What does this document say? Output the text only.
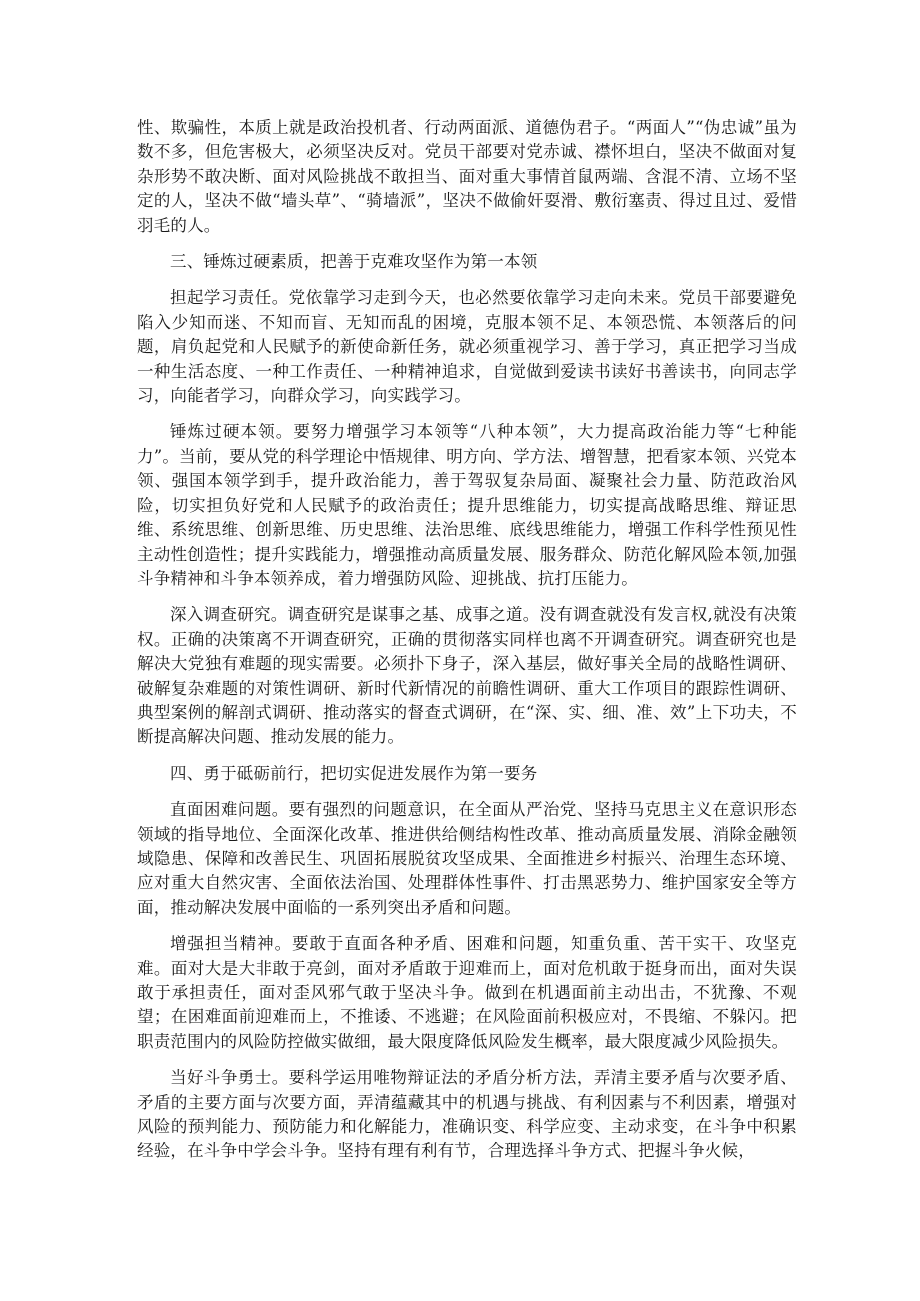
性、欺骗性，本质上就是政治投机者、行动两面派、道德伪君子。“两面人”“伪忠诚”虽为数不多，但危害极大，必须坚决反对。党员干部要对党赤诚、襟怀坦白，坚决不做面对复杂形势不敢决断、面对风险挑战不敢担当、面对重大事情首鼠两端、含混不清、立场不坚定的人，坚决不做“墙头草”、“骑墙派”，坚决不做偷奸耍滑、敷衍塞责、得过且过、爱惜羽毛的人。

三、锤炼过硬素质，把善于克难攻坚作为第一本领

担起学习责任。党依靠学习走到今天，也必然要依靠学习走向未来。党员干部要避免陷入少知而迷、不知而盲、无知而乱的困境，克服本领不足、本领恐慌、本领落后的问题，肩负起党和人民赋予的新使命新任务，就必须重视学习、善于学习，真正把学习当成一种生活态度、一种工作责任、一种精神追求，自觉做到爱读书读好书善读书，向同志学习，向能者学习，向群众学习，向实践学习。

锤炼过硬本领。要努力增强学习本领等“八种本领”，大力提高政治能力等“七种能力”。当前，要从党的科学理论中悟规律、明方向、学方法、增智慧，把看家本领、兴党本领、强国本领学到手，提升政治能力，善于驾驭复杂局面、凝聚社会力量、防范政治风险，切实担负好党和人民赋予的政治责任；提升思维能力，切实提高战略思维、辩证思维、系统思维、创新思维、历史思维、法治思维、底线思维能力，增强工作科学性预见性主动性创造性；提升实践能力，增强推动高质量发展、服务群众、防范化解风险本领,加强斗争精神和斗争本领养成，着力增强防风险、迎挑战、抗打压能力。

深入调查研究。调查研究是谋事之基、成事之道。没有调查就没有发言权,就没有决策权。正确的决策离不开调查研究，正确的贯彻落实同样也离不开调查研究。调查研究也是解决大党独有难题的现实需要。必须扑下身子，深入基层，做好事关全局的战略性调研、破解复杂难题的对策性调研、新时代新情况的前瞻性调研、重大工作项目的跟踪性调研、典型案例的解剖式调研、推动落实的督查式调研，在“深、实、细、准、效”上下功夫，不断提高解决问题、推动发展的能力。

四、勇于砥砺前行，把切实促进发展作为第一要务

直面困难问题。要有强烈的问题意识，在全面从严治党、坚持马克思主义在意识形态领域的指导地位、全面深化改革、推进供给侧结构性改革、推动高质量发展、消除金融领域隐患、保障和改善民生、巩固拓展脱贫攻坚成果、全面推进乡村振兴、治理生态环境、应对重大自然灾害、全面依法治国、处理群体性事件、打击黑恶势力、维护国家安全等方面，推动解决发展中面临的一系列突出矛盾和问题。

增强担当精神。要敢于直面各种矛盾、困难和问题，知重负重、苦干实干、攻坚克难。面对大是大非敢于亮剑，面对矛盾敢于迎难而上，面对危机敢于挺身而出，面对失误敢于承担责任，面对歪风邪气敢于坚决斗争。做到在机遇面前主动出击，不犹豫、不观望；在困难面前迎难而上，不推诿、不逃避；在风险面前积极应对，不畏缩、不躲闪。把职责范围内的风险防控做实做细，最大限度降低风险发生概率，最大限度减少风险损失。

当好斗争勇士。要科学运用唯物辩证法的矛盾分析方法，弄清主要矛盾与次要矛盾、矛盾的主要方面与次要方面，弄清蕴藏其中的机遇与挑战、有利因素与不利因素，增强对风险的预判能力、预防能力和化解能力，准确识变、科学应变、主动求变，在斗争中积累经验，在斗争中学会斗争。坚持有理有利有节，合理选择斗争方式、把握斗争火候，
